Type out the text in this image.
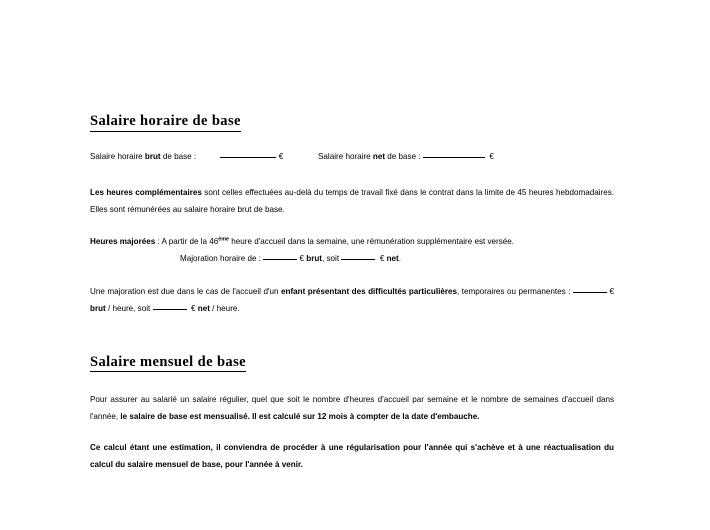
Salaire horaire de base
Salaire horaire brut de base :	€	Salaire horaire net de base :	€

Les heures complémentaires sont celles effectuées au-delà du temps de travail fixé dans le contrat dans la limite de 45 heures hebdomadaires. Elles sont rémunérées au salaire horaire brut de base.

Heures majorées : A partir de la 46ème heure d'accueil dans la semaine, une rémunération supplémentaire est versée.

Majoration horaire de :	€ brut, soit	€ net.

Une majoration est due dans le cas de l'accueil d'un enfant présentant des difficultés particulières, temporaires ou permanentes :	€ brut / heure, soit	€ net / heure.

Salaire mensuel de base

Pour assurer au salarié un salaire régulier, quel que soit le nombre d'heures d'accueil par semaine et le nombre de semaines d'accueil dans l'année, le salaire de base est mensualisé. Il est calculé sur 12 mois à compter de la date d'embauche.

Ce calcul étant une estimation, il conviendra de procéder à une régularisation pour l'année qui s'achève et à une réactualisation du calcul du salaire mensuel de base, pour l'année à venir.
